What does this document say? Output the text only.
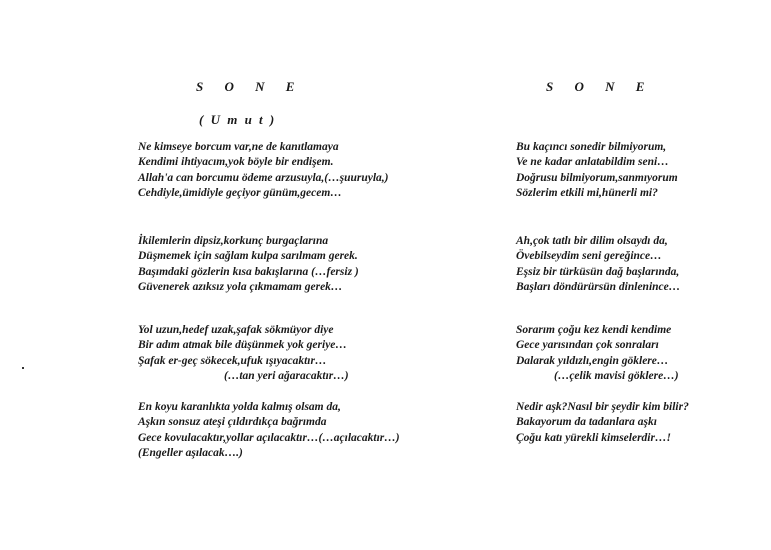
S O N E
( U m u t )
Ne kimseye borcum var,ne de kanıtlamaya
Kendimi ihtiyacım,yok böyle bir endişem.
Allah'a can borcumu ödeme arzusuyla,(…şuuruyla,)
Cehdiyle,ümidiyle geçiyor günüm,gecem…
İkilemlerin dipsiz,korkunç burgaçlarına
Düşmemek için sağlam kulpa sarılmam gerek.
Başımdaki gözlerin kısa bakışlarına (…fersiz )
Güvenerek azıksız yola çıkmamam gerek…
Yol uzun,hedef uzak,şafak sökmüyor diye
Bir adım atmak bile düşünmek yok geriye…
Şafak er-geç sökecek,ufuk ışıyacaktır…
(…tan yeri ağaracaktır…)
En koyu karanlıkta yolda kalmış olsam da,
Aşkın sonsuz ateşi çıldırdıkça bağrımda
Gece kovulacaktır,yollar açılacaktır…(…açılacaktır…)
(Engeller aşılacak….)
S O N E
Bu kaçıncı sonedir bilmiyorum,
Ve ne kadar anlatabildim seni…
Doğrusu bilmiyorum,sanmıyorum
Sözlerim etkili mi,hünerli mi?
Ah,çok tatlı bir dilim olsaydı da,
Övebilseydim seni gereğince…
Eşsiz bir türküsün dağ başlarında,
Başları döndürürsün dinlenince…
Sorarım çoğu kez kendi kendime
Gece yarısından çok sonraları
Dalarak yıldızlı,engin göklere…
(…çelik mavisi göklere…)
Nedir aşk?Nasıl bir şeydir kim bilir?
Bakayorum da tadanlara aşkı
Çoğu katı yürekli kimselerdir…!
